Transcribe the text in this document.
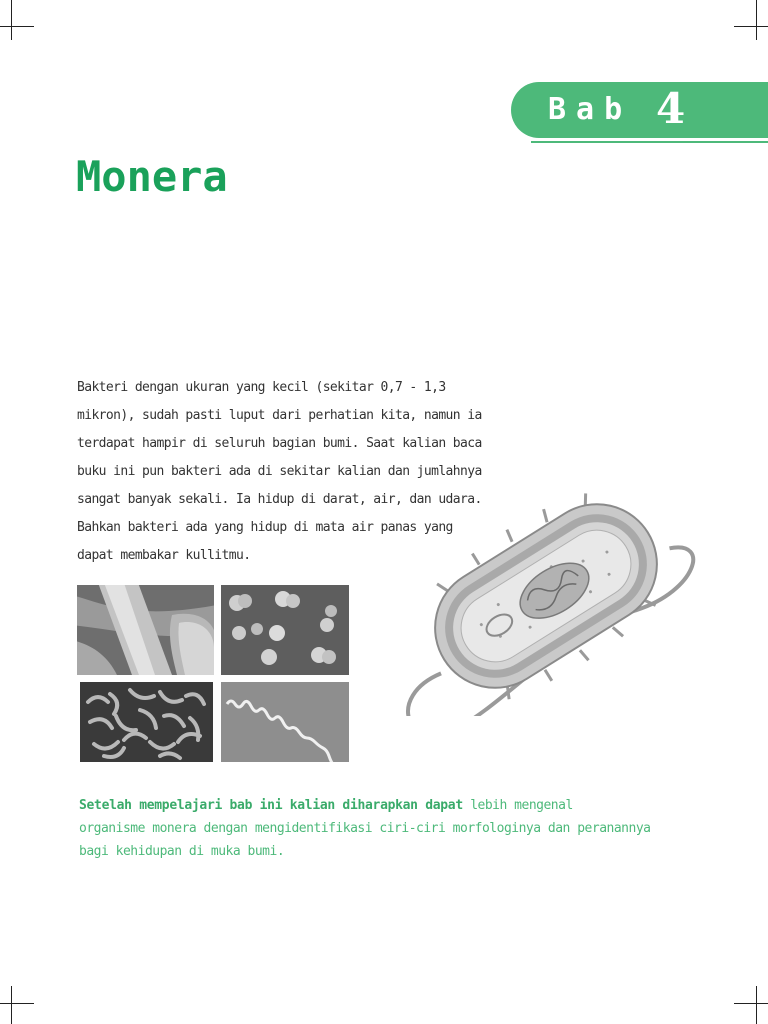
Bab 4
Monera
Bakteri dengan ukuran yang kecil (sekitar 0,7 - 1,3
mikron), sudah pasti luput dari perhatian kita, namun ia
terdapat hampir di seluruh bagian bumi. Saat kalian baca
buku ini pun bakteri ada di sekitar kalian dan jumlahnya
sangat banyak sekali. Ia hidup di darat, air, dan udara.
Bahkan bakteri ada yang hidup di mata air panas yang
dapat membakar kullitmu.
Setelah mempelajari bab ini kalian diharapkan dapat lebih mengenal
organisme monera dengan mengidentifikasi ciri-ciri morfologinya dan peranannya
bagi kehidupan di muka bumi.
